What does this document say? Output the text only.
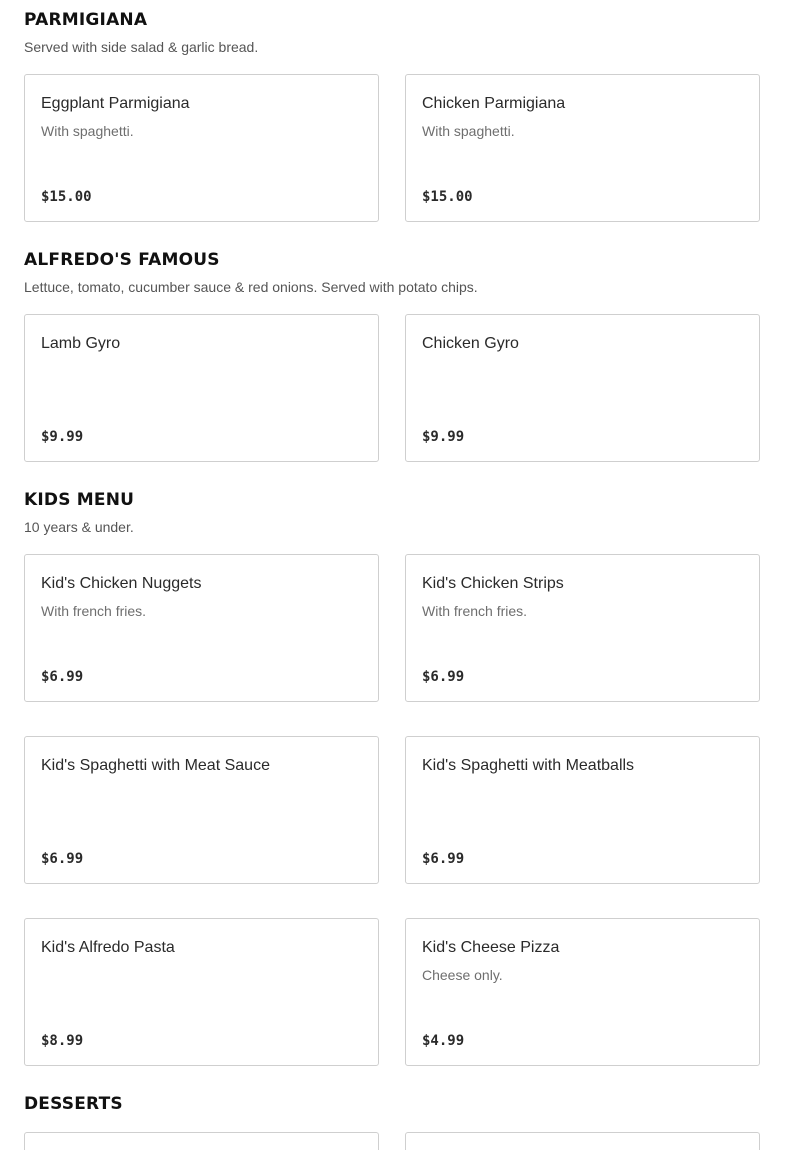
PARMIGIANA

Served with side salad & garlic bread.

Eggplant Parmigiana
With spaghetti.
$15.00
Chicken Parmigiana
With spaghetti.
$15.00
ALFREDO'S FAMOUS

Lettuce, tomato, cucumber sauce & red onions. Served with potato chips.

Lamb Gyro
$9.99
Chicken Gyro
$9.99
KIDS MENU

10 years & under.

Kid's Chicken Nuggets
With french fries.
$6.99
Kid's Chicken Strips
With french fries.
$6.99
Kid's Spaghetti with Meat Sauce
$6.99
Kid's Spaghetti with Meatballs
$6.99
Kid's Alfredo Pasta
$8.99
Kid's Cheese Pizza
Cheese only.
$4.99
DESSERTS
